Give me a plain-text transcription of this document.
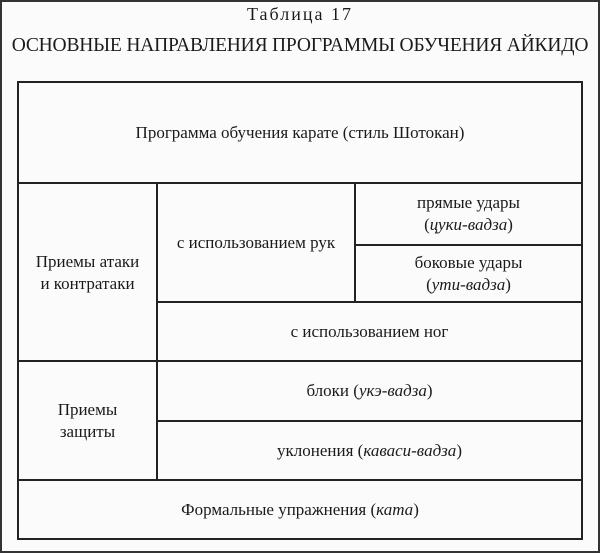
Таблица 17
ОСНОВНЫЕ НАПРАВЛЕНИЯ ПРОГРАММЫ ОБУЧЕНИЯ АЙКИДО
Программа обучения карате (стиль Шотокан)
Приемы атаки
и контратаки
с использованием рук
прямые удары
(цуки-вадза)
боковые удары
(ути-вадза)
с использованием ног
Приемы
защиты
блоки (укэ-вадза)
уклонения (каваси-вадза)
Формальные упражнения (ката)
